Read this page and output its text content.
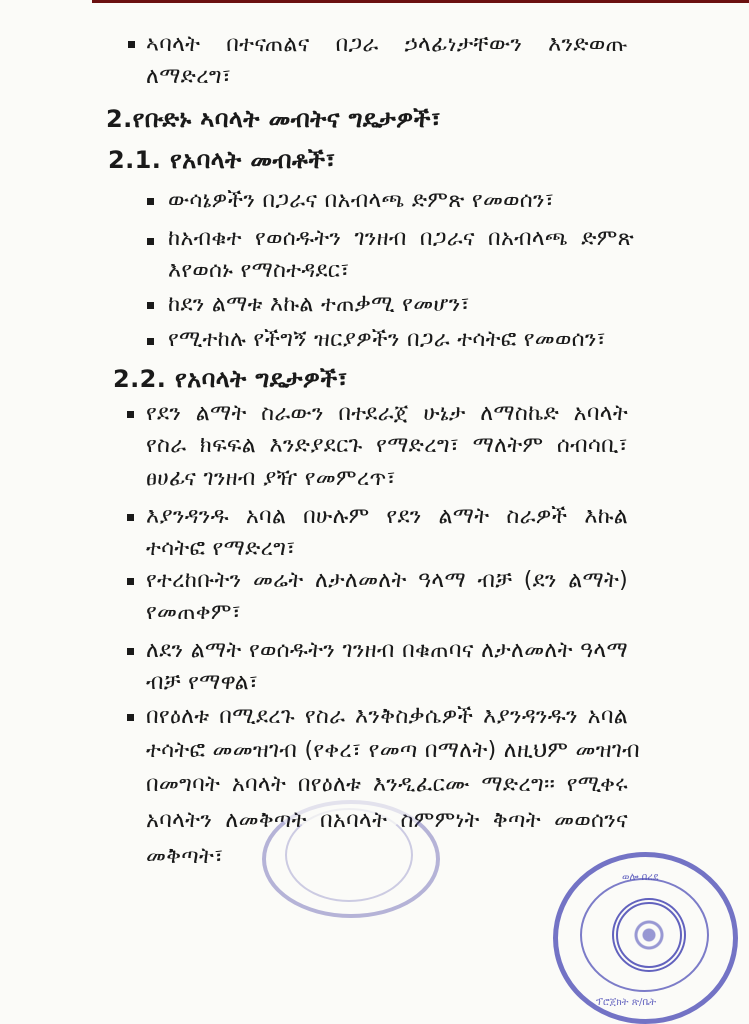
ኣባላት በተናጠልና በጋራ ኃላፊነታቸውን እንድወጡ
ለማድረግ፣
2.የቡድኑ ኣባላት መብትና ግዴታዎች፣
2.1. የአባላት መብቶች፣
ውሳኔዎችን በጋራና በአብላጫ ድምጽ የመወሰን፣
ከአብቁተ የወሰዱትን ገንዘብ በጋራና በአብላጫ ድምጽ
እየወሰኑ የማስተዳደር፣
ከደን ልማቱ እኩል ተጠቃሚ የመሆን፣
የሚተከሉ የችግኝ ዝርያዎችን በጋራ ተሳትፎ የመወሰን፣
2.2. የአባላት ግዴታዎች፣
የደን ልማት ስራውን በተደራጀ ሁኔታ ለማስኬድ አባላት
የስራ ክፍፍል እንድያደርጉ የማድረግ፣ ማለትም ሰብሳቢ፣
ፀሀፊና ገንዘብ ያዥ የመምረጥ፣
እያንዳንዱ አባል በሁሉም የደን ልማት ስራዎች እኩል
ተሳትፎ የማድረግ፣
የተረከቡትን መሬት ለታለመለት ዓላማ ብቻ (ደን ልማት)
የመጠቀም፣
ለደን ልማት የወሰዱትን ገንዘብ በቁጠባና ለታለመለት ዓላማ
ብቻ የማዋል፣
በየዕለቱ በሚደረጉ የስራ እንቅስቃሴዎች እያንዳንዱን አባል
ተሳትፎ መመዝገብ (የቀረ፣ የመጣ በማለት) ለዚህም መዝገብ
በመግባት አባላት በየዕለቱ እንዲፈርሙ ማድረግ፡፡ የሚቀሩ
አባላትን ለመቅጣት በአባላት ስምምነት ቅጣት መወሰንና
መቅጣት፣
ወሎ በረደ
ፕሮጀክት ጽ/ቤት
